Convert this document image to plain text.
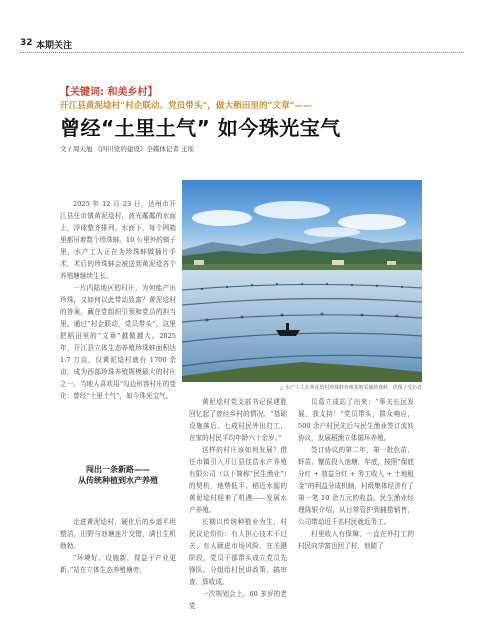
32 本期关注
【关键词: 和美乡村】
开江县黄泥埝村“村企联动、党员带头”，做大稻田里的“文章”——
曾经“土里土气” 如今珠光宝气
文 / 周天旭 《四川党的建设》全媒体记者 王瑶

2025 年 12 月 23 日，达州市开江县任市镇黄泥埝村，波光粼粼的水面上，浮球整齐排列。水面下，每个网箱里都吊着数个珍珠蚌。10 公里外的镇子里，水产工人正在为珍珠蚌做插片手术，术后的珍珠蚌会被送到黄泥埝各个养殖塘继续生长。

一片内陆地区的村庄，为何能产出珍珠，又如何以此带动致富？黄泥埝村的答案，藏在党组织引领和党员的担当里。通过“村企联动，党员带头”，这里把稻田里的“文章”越做越大。2025 年，开江县立体生态养殖珍珠蚌面积达 1.7 万亩，仅黄泥埝村就有 1700 余亩，成为西部珍珠养殖规模最大的村庄之一。当地人喜欢用“勾边形容村庄的变化：曾经“土里土气”，如今珠光宝气。

闯出一条新路——
从传统种植到水产养殖

走进黄泥埝村，硬化后的乡道平坦整洁，田野与池塘连片交错，满目生机勃勃。

“环境好、设施新，得益于产业更新。”站在立体生态养殖塘旁，

△ 水产工人在黄泥埝村珍珠蚌养殖基地采摘珍珠蚌。供图 / 受访者

黄泥埝村党支部书记侯建胜回忆起了曾经乡村的情况。“基础设施落后，七成村民外出打工，在家的村民平均年龄六十余岁。”

这样的村庄该如何发展？借任市镇引入开江县佳浩水产养殖有限公司（以下简称“民生渔业”）的契机，地势低平、稻近水源的黄泥埝村迎来了机遇——发展水产养殖。

长期以传统种植业为生，村民议论纷纷：有人担心技术不过关，有人顾虑市场风险。在关键阶段，党员干部带头成立党员先锋队，分组给村民讲政策、搞审查、算收成。

一次规划会上，60 多岁的老党

员葛立成站了出来：“事关长远发展，我支持！”党员带头，群众响应，500 余户村民先后与民生渔业签订流转协议，发展稻渔立体循环养殖。

签订协议的第二年，第一批色苗、虾苗、蟹苗投入池塘，年底，按照“保底分红 + 效益分红 + 务工收入 + 土地租金”的利益分成机制，村级集体经济有了第一笔 10 余万元的收益。民生渔业经理陈银介绍，从日常管护到捕捞销售，公司带动近千名村民就近务工。

村里收入有保障，一直在外打工的村民向学富也回了村，他踏了
